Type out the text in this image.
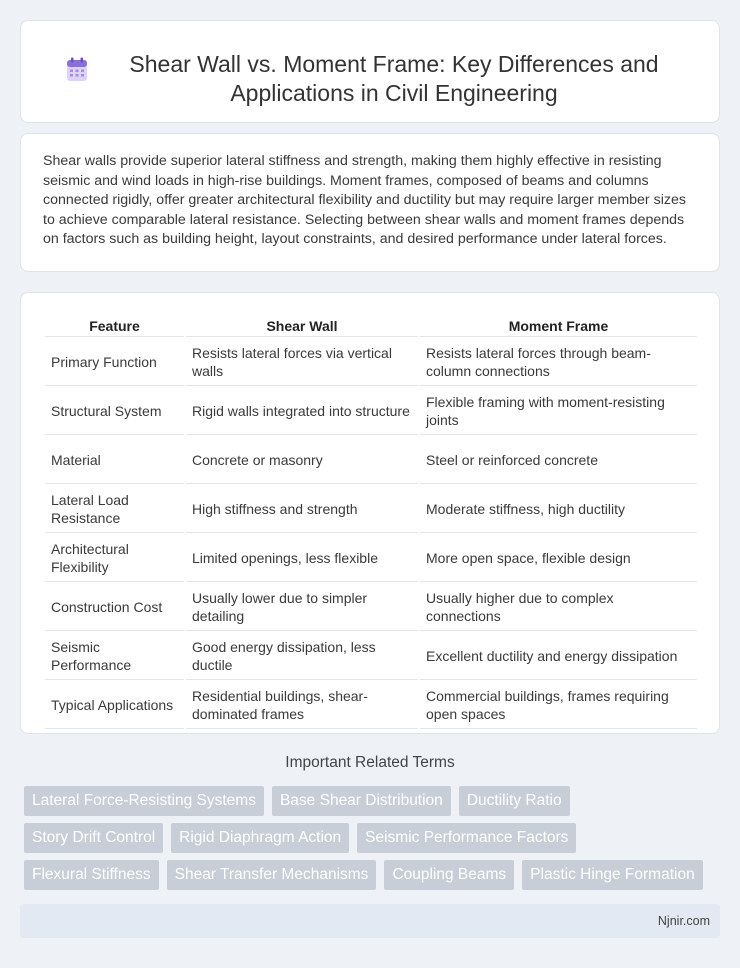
Shear Wall vs. Moment Frame: Key Differences and Applications in Civil Engineering

Shear walls provide superior lateral stiffness and strength, making them highly effective in resisting seismic and wind loads in high-rise buildings. Moment frames, composed of beams and columns connected rigidly, offer greater architectural flexibility and ductility but may require larger member sizes to achieve comparable lateral resistance. Selecting between shear walls and moment frames depends on factors such as building height, layout constraints, and desired performance under lateral forces.

Feature	Shear Wall	Moment Frame
Primary Function	Resists lateral forces via vertical walls	Resists lateral forces through beam-column connections
Structural System	Rigid walls integrated into structure	Flexible framing with moment-resisting joints
Material	Concrete or masonry	Steel or reinforced concrete
Lateral Load Resistance	High stiffness and strength	Moderate stiffness, high ductility
Architectural Flexibility	Limited openings, less flexible	More open space, flexible design
Construction Cost	Usually lower due to simpler detailing	Usually higher due to complex connections
Seismic Performance	Good energy dissipation, less ductile	Excellent ductility and energy dissipation
Typical Applications	Residential buildings, shear-dominated frames	Commercial buildings, frames requiring open spaces
Important Related Terms
Lateral Force-Resisting Systems	Base Shear Distribution	Ductility Ratio
Story Drift Control	Rigid Diaphragm Action	Seismic Performance Factors
Flexural Stiffness	Shear Transfer Mechanisms	Coupling Beams	Plastic Hinge Formation
Njnir.com
